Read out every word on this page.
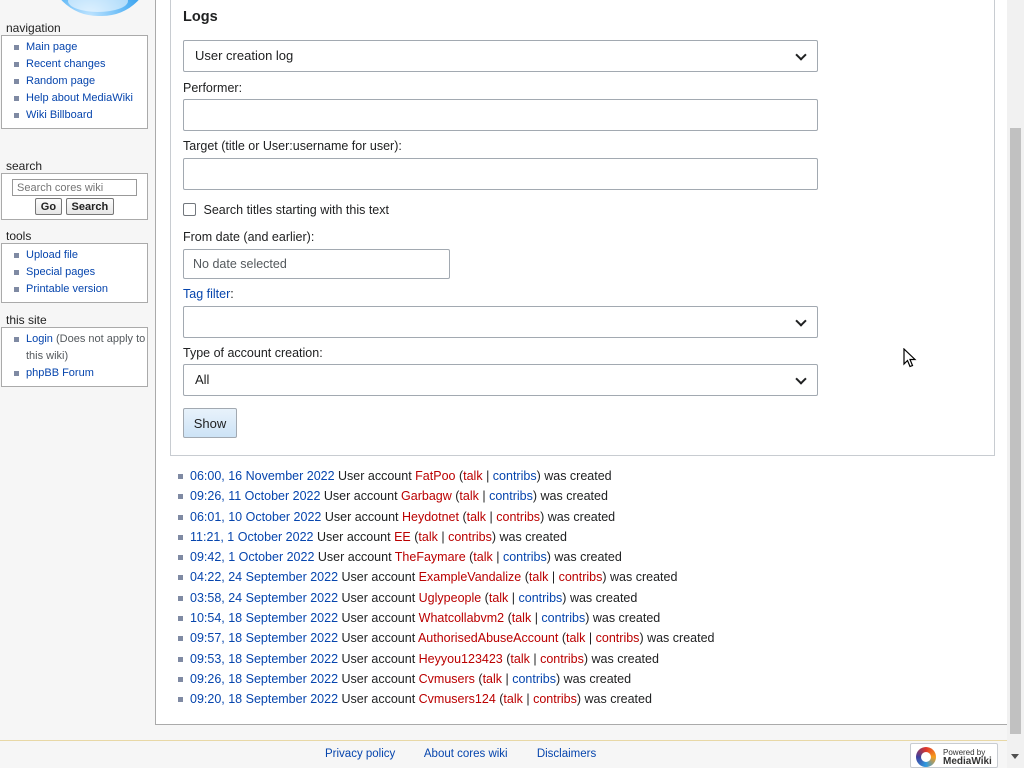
navigation
Main page
Recent changes
Random page
Help about MediaWiki
Wiki Billboard
search
Search cores wiki
Go Search
tools
Upload file
Special pages
Printable version
this site
Login (Does not apply to this wiki)
phpBB Forum
Logs
User creation log
Performer:
Target (title or User:username for user):
Search titles starting with this text
From date (and earlier):
No date selected
Tag filter:
Type of account creation:
All
Show
06:00, 16 November 2022 User account FatPoo (talk | contribs) was created
09:26, 11 October 2022 User account Garbagw (talk | contribs) was created
06:01, 10 October 2022 User account Heydotnet (talk | contribs) was created
11:21, 1 October 2022 User account EE (talk | contribs) was created
09:42, 1 October 2022 User account TheFaymare (talk | contribs) was created
04:22, 24 September 2022 User account ExampleVandalize (talk | contribs) was created
03:58, 24 September 2022 User account Uglypeople (talk | contribs) was created
10:54, 18 September 2022 User account Whatcollabvm2 (talk | contribs) was created
09:57, 18 September 2022 User account AuthorisedAbuseAccount (talk | contribs) was created
09:53, 18 September 2022 User account Heyyou123423 (talk | contribs) was created
09:26, 18 September 2022 User account Cvmusers (talk | contribs) was created
09:20, 18 September 2022 User account Cvmusers124 (talk | contribs) was created
Privacy policy About cores wiki	Disclaimers	Powered by
MediaWiki
